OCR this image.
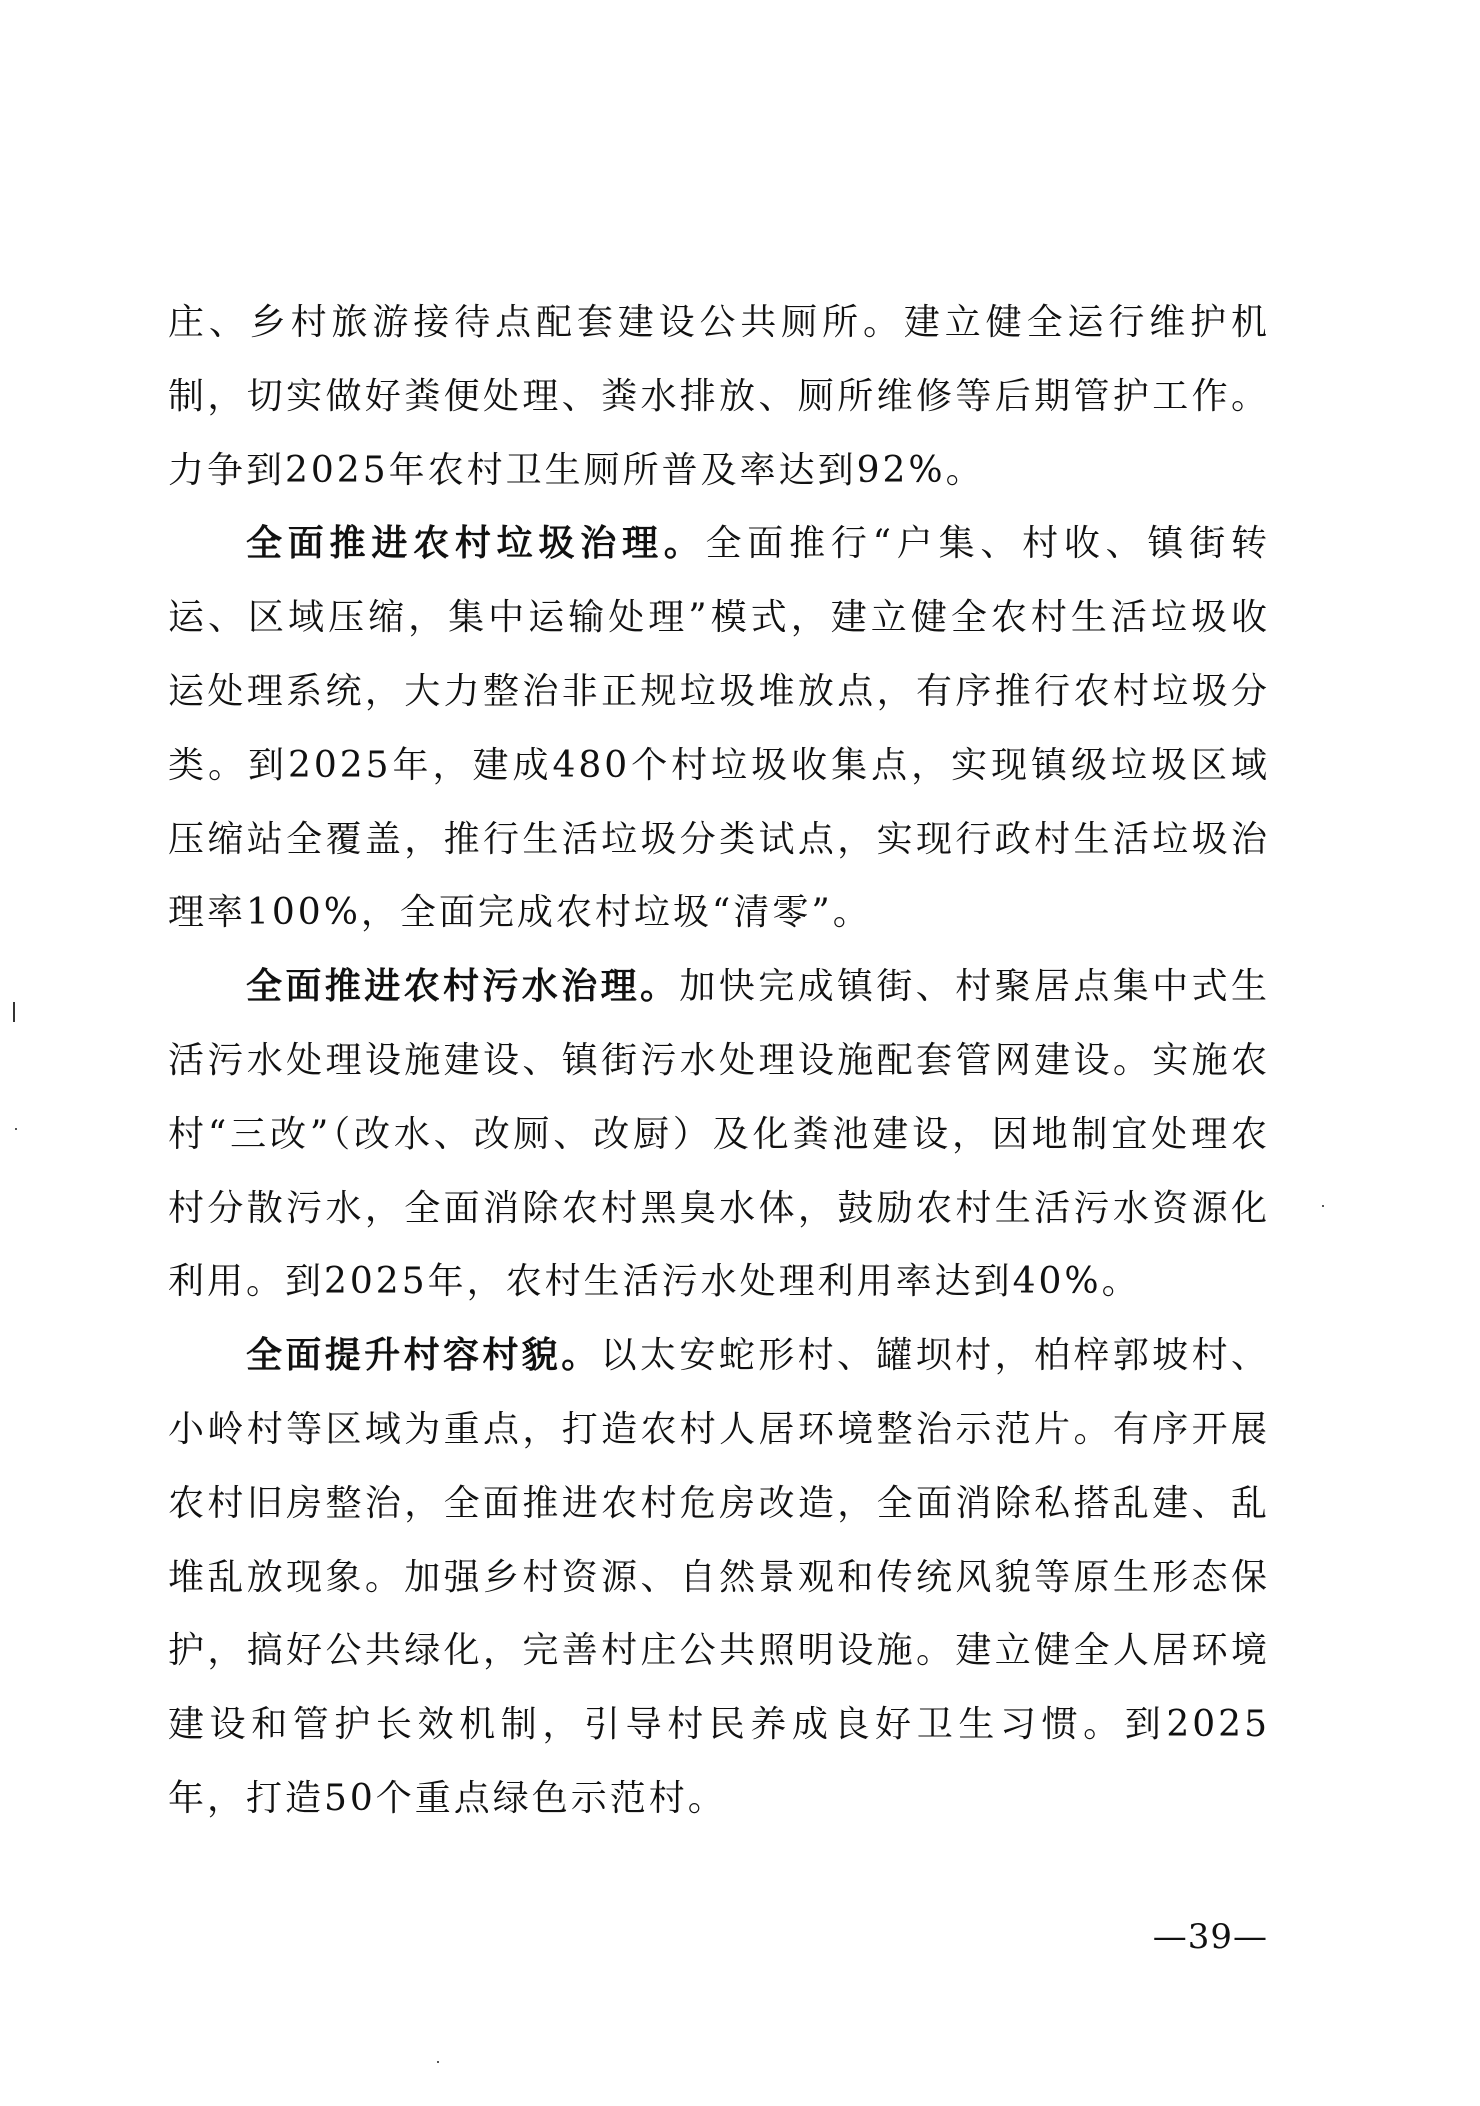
庄、乡村旅游接待点配套建设公共厕所。建立健全运行维护机制，切实做好粪便处理、粪水排放、厕所维修等后期管护工作。力争到2025年农村卫生厕所普及率达到92%。

全面推进农村垃圾治理。全面推行“户集、村收、镇街转运、区域压缩，集中运输处理”模式，建立健全农村生活垃圾收运处理系统，大力整治非正规垃圾堆放点，有序推行农村垃圾分类。到2025年，建成480个村垃圾收集点，实现镇级垃圾区域压缩站全覆盖，推行生活垃圾分类试点，实现行政村生活垃圾治理率100%，全面完成农村垃圾“清零”。

全面推进农村污水治理。加快完成镇街、村聚居点集中式生活污水处理设施建设、镇街污水处理设施配套管网建设。实施农村“三改”（改水、改厕、改厨）及化粪池建设，因地制宜处理农村分散污水，全面消除农村黑臭水体，鼓励农村生活污水资源化利用。到2025年，农村生活污水处理利用率达到40%。

全面提升村容村貌。以太安蛇形村、罐坝村，柏梓郭坡村、小岭村等区域为重点，打造农村人居环境整治示范片。有序开展农村旧房整治，全面推进农村危房改造，全面消除私搭乱建、乱堆乱放现象。加强乡村资源、自然景观和传统风貌等原生形态保护，搞好公共绿化，完善村庄公共照明设施。建立健全人居环境建设和管护长效机制，引导村民养成良好卫生习惯。到2025年，打造50个重点绿色示范村。

—39—
